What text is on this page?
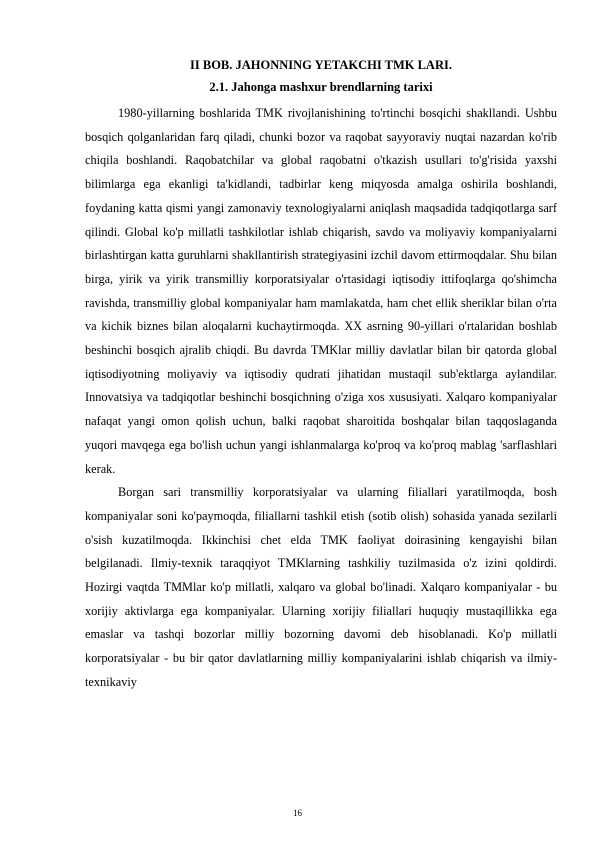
II BOB. JAHONNING YETAKCHI TMK LARI.
2.1. Jahonga mashxur brendlarning tarixi

1980-yillarning boshlarida TMK rivojlanishining to'rtinchi bosqichi shakllandi. Ushbu bosqich qolganlaridan farq qiladi, chunki bozor va raqobat sayyoraviy nuqtai nazardan ko'rib chiqila boshlandi. Raqobatchilar va global raqobatni o'tkazish usullari to'g'risida yaxshi bilimlarga ega ekanligi ta'kidlandi, tadbirlar keng miqyosda amalga oshirila boshlandi, foydaning katta qismi yangi zamonaviy texnologiyalarni aniqlash maqsadida tadqiqotlarga sarf qilindi. Global ko'p millatli tashkilotlar ishlab chiqarish, savdo va moliyaviy kompaniyalarni birlashtirgan katta guruhlarni shakllantirish strategiyasini izchil davom ettirmoqdalar. Shu bilan birga, yirik va yirik transmilliy korporatsiyalar o'rtasidagi iqtisodiy ittifoqlarga qo'shimcha ravishda, transmilliy global kompaniyalar ham mamlakatda, ham chet ellik sheriklar bilan o'rta va kichik biznes bilan aloqalarni kuchaytirmoqda. XX asrning 90-yillari o'rtalaridan boshlab beshinchi bosqich ajralib chiqdi. Bu davrda TMKlar milliy davlatlar bilan bir qatorda global iqtisodiyotning moliyaviy va iqtisodiy qudrati jihatidan mustaqil sub'ektlarga aylandilar. Innovatsiya va tadqiqotlar beshinchi bosqichning o'ziga xos xususiyati. Xalqaro kompaniyalar nafaqat yangi omon qolish uchun, balki raqobat sharoitida boshqalar bilan taqqoslaganda yuqori mavqega ega bo'lish uchun yangi ishlanmalarga ko'proq va ko'proq mablag 'sarflashlari kerak.

Borgan sari transmilliy korporatsiyalar va ularning filiallari yaratilmoqda, bosh kompaniyalar soni ko'paymoqda, filiallarni tashkil etish (sotib olish) sohasida yanada sezilarli o'sish kuzatilmoqda. Ikkinchisi chet elda TMK faoliyat doirasining kengayishi bilan belgilanadi. Ilmiy-texnik taraqqiyot TMKlarning tashkiliy tuzilmasida o'z izini qoldirdi. Hozirgi vaqtda TMMlar ko'p millatli, xalqaro va global bo'linadi. Xalqaro kompaniyalar - bu xorijiy aktivlarga ega kompaniyalar. Ularning xorijiy filiallari huquqiy mustaqillikka ega emaslar va tashqi bozorlar milliy bozorning davomi deb hisoblanadi. Ko'p millatli korporatsiyalar - bu bir qator davlatlarning milliy kompaniyalarini ishlab chiqarish va ilmiy-texnikaviy

16
